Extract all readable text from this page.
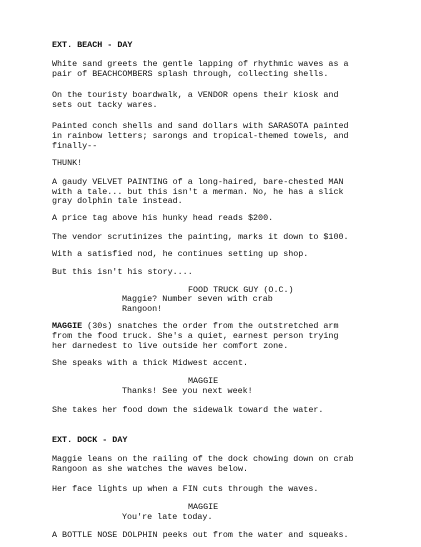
EXT. BEACH - DAY
White sand greets the gentle lapping of rhythmic waves as a
pair of BEACHCOMBERS splash through, collecting shells.
On the touristy boardwalk, a VENDOR opens their kiosk and
sets out tacky wares.
Painted conch shells and sand dollars with SARASOTA painted
in rainbow letters; sarongs and tropical-themed towels, and
finally--
THUNK!
A gaudy VELVET PAINTING of a long-haired, bare-chested MAN
with a tale... but this isn't a merman. No, he has a slick
gray dolphin tale instead.
A price tag above his hunky head reads $200.
The vendor scrutinizes the painting, marks it down to $100.
With a satisfied nod, he continues setting up shop.
But this isn't his story....
FOOD TRUCK GUY (O.C.)
Maggie? Number seven with crab
Rangoon!
MAGGIE (30s) snatches the order from the outstretched arm
from the food truck. She's a quiet, earnest person trying
her darnedest to live outside her comfort zone.
She speaks with a thick Midwest accent.
MAGGIE
Thanks! See you next week!
She takes her food down the sidewalk toward the water.
EXT. DOCK - DAY
Maggie leans on the railing of the dock chowing down on crab
Rangoon as she watches the waves below.
Her face lights up when a FIN cuts through the waves.
MAGGIE
You're late today.
A BOTTLE NOSE DOLPHIN peeks out from the water and squeaks.
